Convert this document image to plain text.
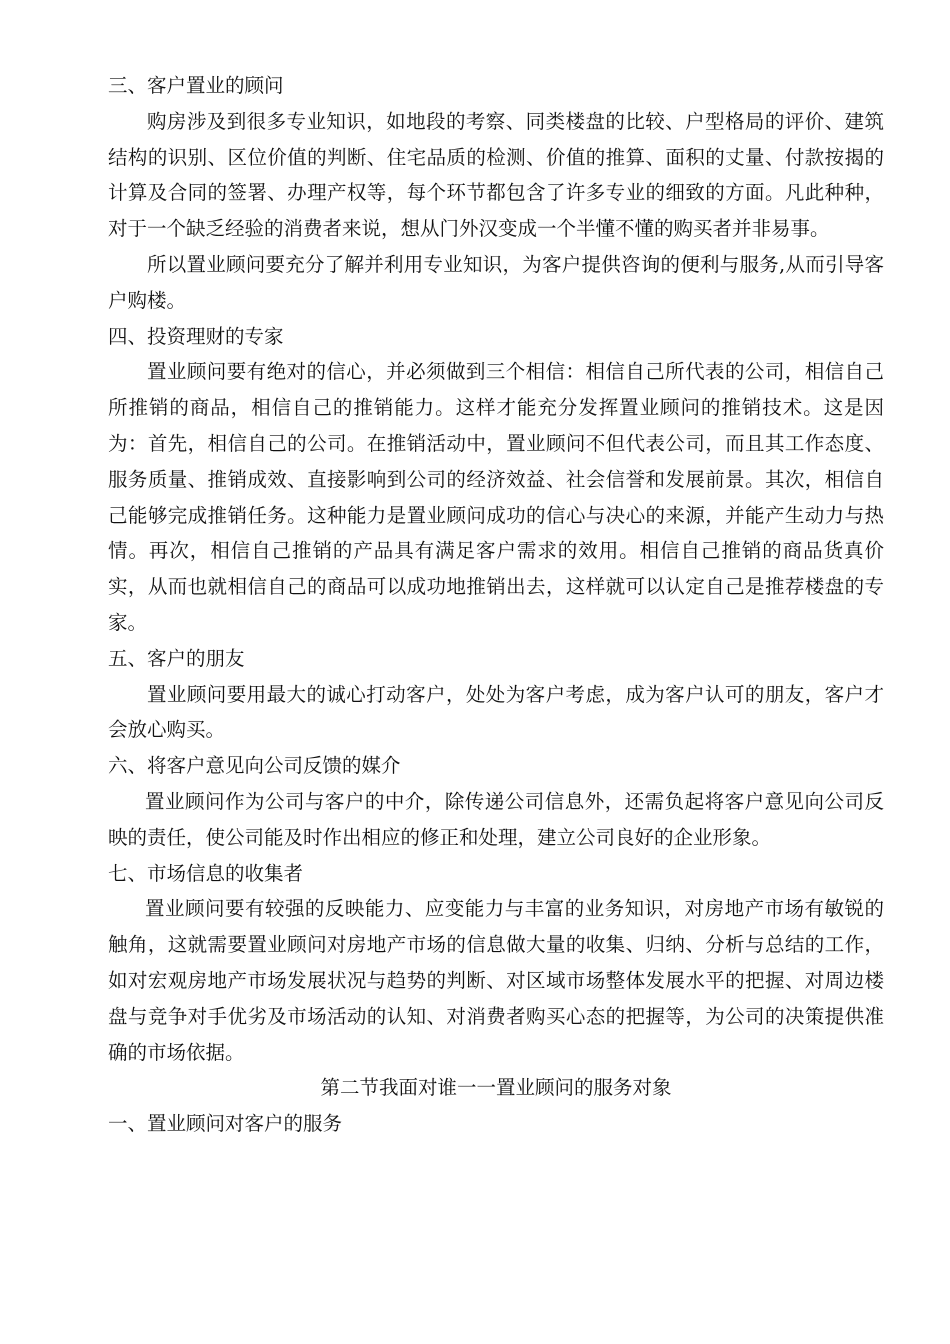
三、客户置业的顾问

购房涉及到很多专业知识，如地段的考察、同类楼盘的比较、户型格局的评价、建筑结构的识别、区位价值的判断、住宅品质的检测、价值的推算、面积的丈量、付款按揭的计算及合同的签署、办理产权等，每个环节都包含了许多专业的细致的方面。凡此种种，对于一个缺乏经验的消费者来说，想从门外汉变成一个半懂不懂的购买者并非易事。

所以置业顾问要充分了解并利用专业知识，为客户提供咨询的便利与服务,从而引导客户购楼。

四、投资理财的专家

置业顾问要有绝对的信心，并必须做到三个相信：相信自己所代表的公司，相信自己所推销的商品，相信自己的推销能力。这样才能充分发挥置业顾问的推销技术。这是因为：首先，相信自己的公司。在推销活动中，置业顾问不但代表公司，而且其工作态度、服务质量、推销成效、直接影响到公司的经济效益、社会信誉和发展前景。其次，相信自己能够完成推销任务。这种能力是置业顾问成功的信心与决心的来源，并能产生动力与热情。再次，相信自己推销的产品具有满足客户需求的效用。相信自己推销的商品货真价实，从而也就相信自己的商品可以成功地推销出去，这样就可以认定自己是推荐楼盘的专家。

五、客户的朋友

置业顾问要用最大的诚心打动客户，处处为客户考虑，成为客户认可的朋友，客户才会放心购买。

六、将客户意见向公司反馈的媒介

置业顾问作为公司与客户的中介，除传递公司信息外，还需负起将客户意见向公司反映的责任，使公司能及时作出相应的修正和处理，建立公司良好的企业形象。

七、市场信息的收集者

置业顾问要有较强的反映能力、应变能力与丰富的业务知识，对房地产市场有敏锐的触角，这就需要置业顾问对房地产市场的信息做大量的收集、归纳、分析与总结的工作，如对宏观房地产市场发展状况与趋势的判断、对区域市场整体发展水平的把握、对周边楼盘与竞争对手优劣及市场活动的认知、对消费者购买心态的把握等，为公司的决策提供准确的市场依据。

第二节我面对谁一一置业顾问的服务对象

一、置业顾问对客户的服务
